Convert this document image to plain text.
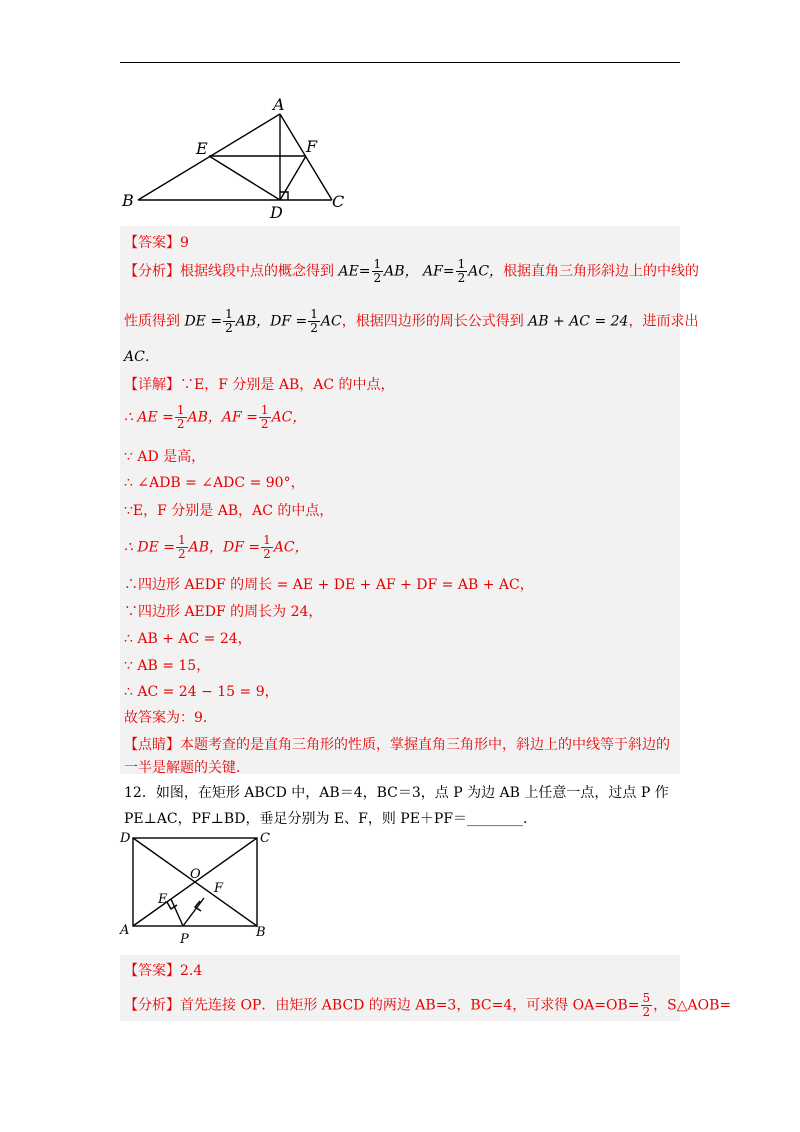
A
B	C
D
E	F
【答案】9
【分析】根据线段中点的概念得到 $AE= \frac{1}{2}$ AB， $AF= \frac{1}{2}$ AC，根据直角三角形斜边上的中线的
性质得到 DE = $\frac{1}{2}$ AB，DF = $\frac{1}{2}$ AC，根据四边形的周长公式得到 AB + AC = 24，进而求出
AC．
【详解】∵E，F 分别是 AB，AC 的中点，
∴ AE = $\frac{1}{2}$ AB，AF = $\frac{1}{2}$ AC，
∵ AD 是高，
∴ ∠ADB = ∠ADC = 90°，
∵E，F 分别是 AB，AC 的中点，
∴ DE = $\frac{1}{2}$ AB，DF = $\frac{1}{2}$ AC，
∴四边形 AEDF 的周长 = AE + DE + AF + DF = AB + AC，
∵四边形 AEDF 的周长为 24，
∴ AB + AC = 24，
∵ AB = 15，
∴ AC = 24 − 15 = 9，
故答案为：9．
【点睛】本题考查的是直角三角形的性质，掌握直角三角形中，斜边上的中线等于斜边的
一半是解题的关键．
12．如图，在矩形 ABCD 中，AB＝4，BC＝3，点 P 为边 AB 上任意一点，过点 P 作
PE⊥AC，PF⊥BD，垂足分别为 E、F，则 PE＋PF＝________．
D	C
A	B
O
E
F
P
【答案】2.4
【分析】首先连接 OP．由矩形 ABCD 的两边 AB=3，BC=4，可求得 $OA=OB= \frac{5}{2}$ ，S△AOB=
